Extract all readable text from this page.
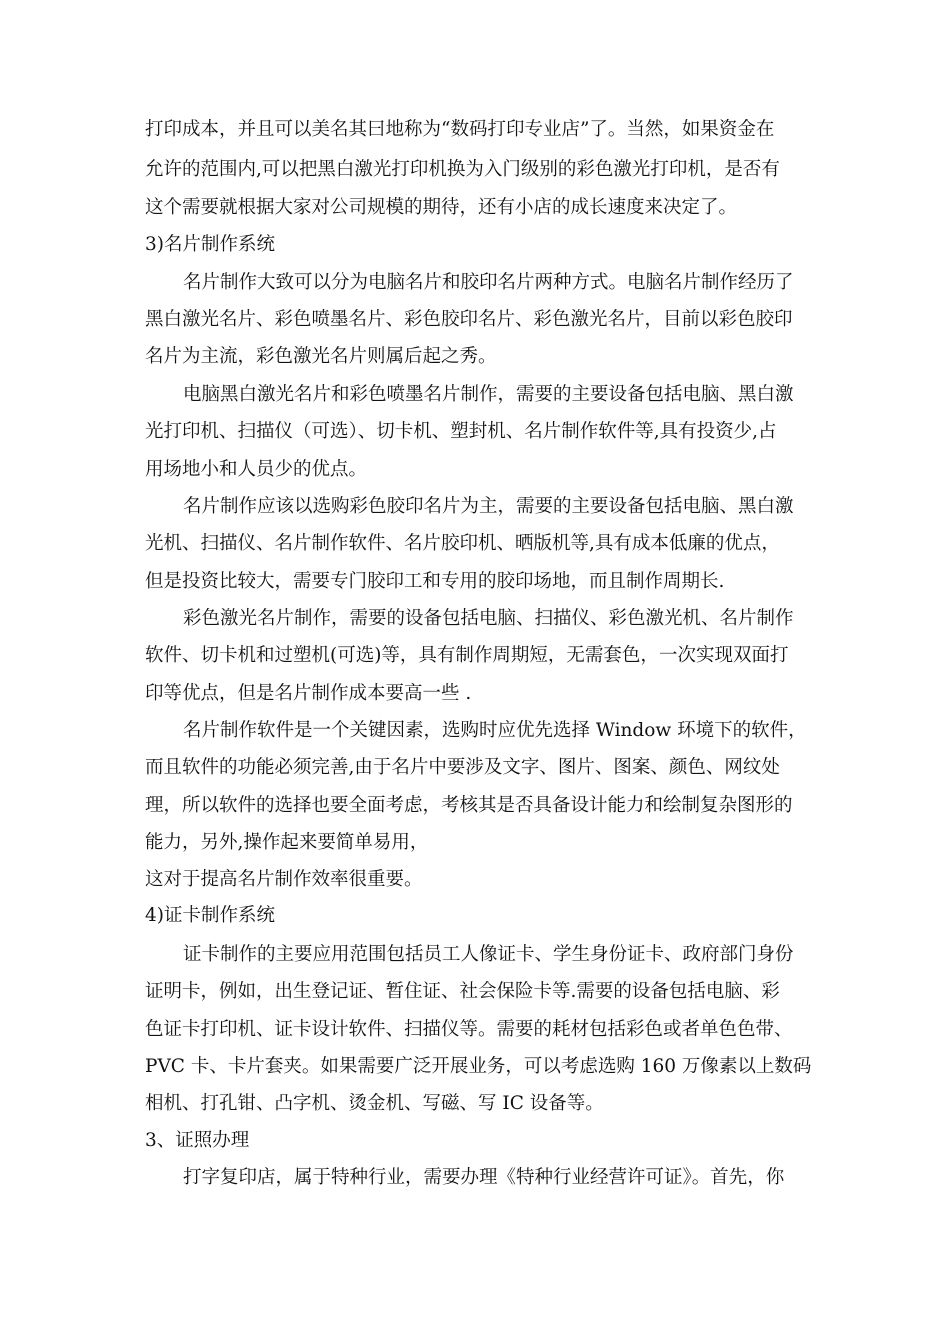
打印成本，并且可以美名其曰地称为“数码打印专业店”了。当然，如果资金在
允许的范围内,可以把黑白激光打印机换为入门级别的彩色激光打印机，是否有
这个需要就根据大家对公司规模的期待，还有小店的成长速度来决定了。
3)名片制作系统
名片制作大致可以分为电脑名片和胶印名片两种方式。电脑名片制作经历了
黑白激光名片、彩色喷墨名片、彩色胶印名片、彩色激光名片，目前以彩色胶印
名片为主流，彩色激光名片则属后起之秀。
电脑黑白激光名片和彩色喷墨名片制作，需要的主要设备包括电脑、黑白激
光打印机、扫描仪（可选）、切卡机、塑封机、名片制作软件等,具有投资少,占
用场地小和人员少的优点。
名片制作应该以选购彩色胶印名片为主，需要的主要设备包括电脑、黑白激
光机、扫描仪、名片制作软件、名片胶印机、晒版机等,具有成本低廉的优点，
但是投资比较大，需要专门胶印工和专用的胶印场地，而且制作周期长.
彩色激光名片制作，需要的设备包括电脑、扫描仪、彩色激光机、名片制作
软件、切卡机和过塑机(可选)等，具有制作周期短，无需套色，一次实现双面打
印等优点，但是名片制作成本要高一些 .
名片制作软件是一个关键因素，选购时应优先选择 Window 环境下的软件，
而且软件的功能必须完善,由于名片中要涉及文字、图片、图案、颜色、网纹处
理，所以软件的选择也要全面考虑，考核其是否具备设计能力和绘制复杂图形的
能力，另外,操作起来要简单易用，
这对于提高名片制作效率很重要。
4)证卡制作系统
证卡制作的主要应用范围包括员工人像证卡、学生身份证卡、政府部门身份
证明卡，例如，出生登记证、暂住证、社会保险卡等.需要的设备包括电脑、彩
色证卡打印机、证卡设计软件、扫描仪等。需要的耗材包括彩色或者单色色带、
PVC 卡、卡片套夹。如果需要广泛开展业务，可以考虑选购 160 万像素以上数码
相机、打孔钳、凸字机、烫金机、写磁、写 IC 设备等。
3、证照办理
打字复印店，属于特种行业，需要办理《特种行业经营许可证》。首先，你
